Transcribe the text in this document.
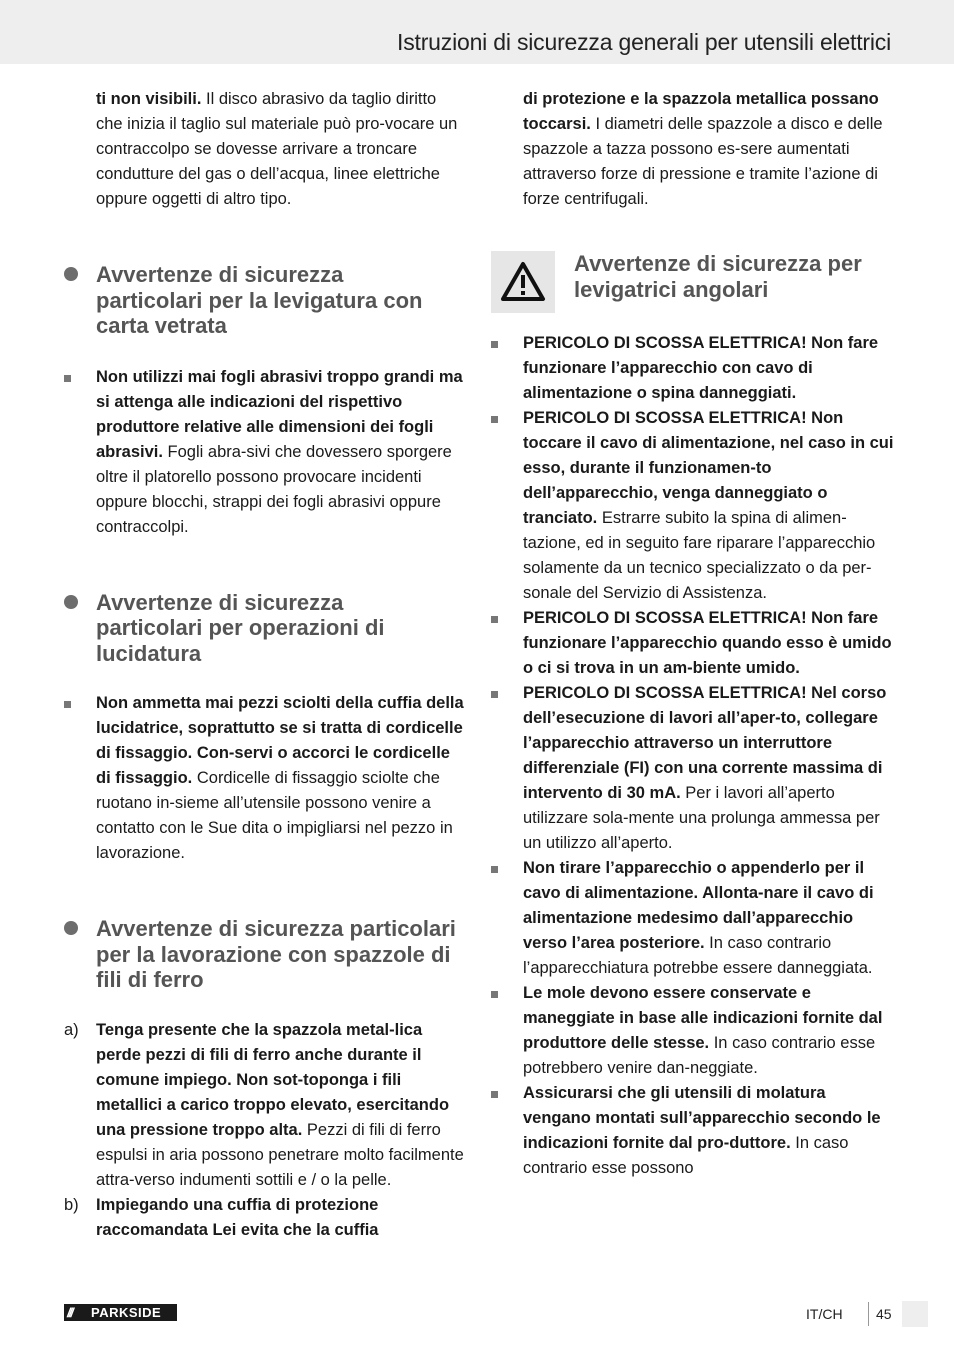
Istruzioni di sicurezza generali per utensili elettrici

ti non visibili. Il disco abrasivo da taglio diritto che inizia il taglio sul materiale può pro-vocare un contraccolpo se dovesse arrivare a troncare condutture del gas o dell’acqua, linee elettriche oppure oggetti di altro tipo.

Avvertenze di sicurezza particolari per la levigatura con carta vetrata
Non utilizzi mai fogli abrasivi troppo grandi ma si attenga alle indicazioni del rispettivo produttore relative alle dimensioni dei fogli abrasivi. Fogli abra-sivi che dovessero sporgere oltre il platorello possono provocare incidenti oppure blocchi, strappi dei fogli abrasivi oppure contraccolpi.
Avvertenze di sicurezza particolari per operazioni di lucidatura
Non ammetta mai pezzi sciolti della cuffia della lucidatrice, soprattutto se si tratta di cordicelle di fissaggio. Con-servi o accorci le cordicelle di fissaggio. Cordicelle di fissaggio sciolte che ruotano in-sieme all’utensile possono venire a contatto con le Sue dita o impigliarsi nel pezzo in lavorazione.
Avvertenze di sicurezza particolari per la lavorazione con spazzole di fili di ferro
a) Tenga presente che la spazzola metal-lica perde pezzi di fili di ferro anche durante il comune impiego. Non sot-toponga i fili metallici a carico troppo elevato, esercitando una pressione troppo alta. Pezzi di fili di ferro espulsi in aria possono penetrare molto facilmente attra-verso indumenti sottili e / o la pelle.
b) Impiegando una cuffia di protezione raccomandata Lei evita che la cuffia

di protezione e la spazzola metallica possano toccarsi. I diametri delle spazzole a disco e delle spazzole a tazza possono es-sere aumentati attraverso forze di pressione e tramite l’azione di forze centrifugali.

Avvertenze di sicurezza per levigatrici angolari
PERICOLO DI SCOSSA ELETTRICA! Non fare funzionare l’apparecchio con cavo di alimentazione o spina danneggiati.
PERICOLO DI SCOSSA ELETTRICA! Non toccare il cavo di alimentazione, nel caso in cui esso, durante il funzionamen-to dell’apparecchio, venga danneggiato o tranciato. Estrarre subito la spina di alimen-tazione, ed in seguito fare riparare l’apparecchio solamente da un tecnico specializzato o da per-sonale del Servizio di Assistenza.
PERICOLO DI SCOSSA ELETTRICA! Non fare funzionare l’apparecchio quando esso è umido o ci si trova in un am-biente umido.
PERICOLO DI SCOSSA ELETTRICA! Nel corso dell’esecuzione di lavori all’aper-to, collegare l’apparecchio attraverso un interruttore differenziale (FI) con una corrente massima di intervento di 30 mA. Per i lavori all’aperto utilizzare sola-mente una prolunga ammessa per un utilizzo all’aperto.
Non tirare l’apparecchio o appenderlo per il cavo di alimentazione. Allonta-nare il cavo di alimentazione medesimo dall’apparecchio verso l’area posteriore. In caso contrario l’apparecchiatura potrebbe essere danneggiata.
Le mole devono essere conservate e maneggiate in base alle indicazioni fornite dal produttore delle stesse. In caso contrario esse potrebbero venire dan-neggiate.
Assicurarsi che gli utensili di molatura vengano montati sull’apparecchio secondo le indicazioni fornite dal pro-duttore. In caso contrario esse possono
/// PARKSIDE	IT/CH 45
